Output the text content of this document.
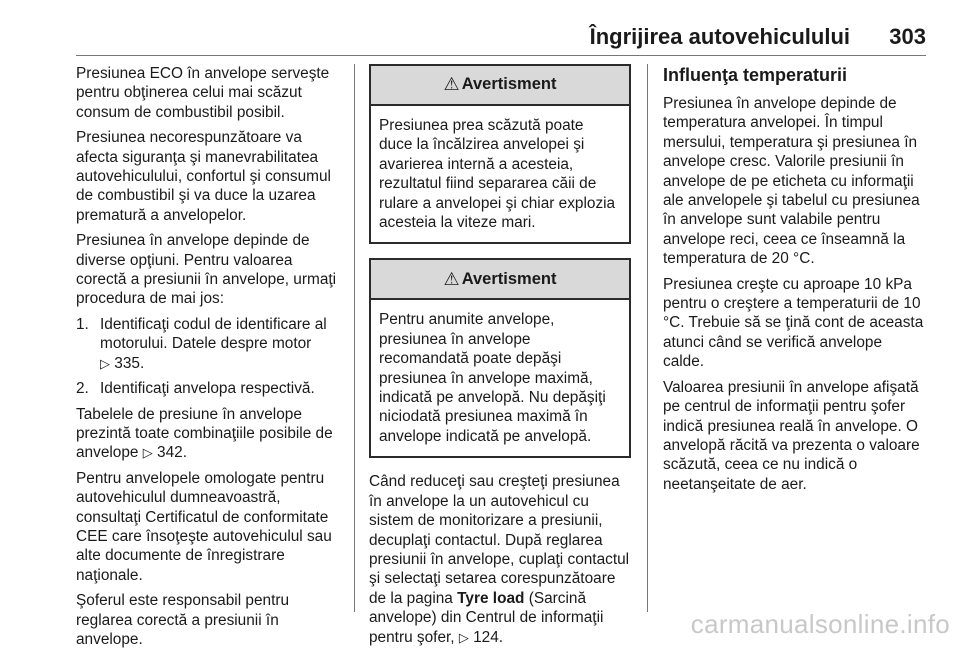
Îngrijirea autovehiculului 303

Presiunea ECO în anvelope serveşte pentru obţinerea celui mai scăzut consum de combustibil posibil.

Presiunea necorespunzătoare va afecta siguranţa şi manevrabilitatea autovehiculului, confortul şi consumul de combustibil şi va duce la uzarea prematură a anvelopelor.

Presiunea în anvelope depinde de diverse opţiuni. Pentru valoarea corectă a presiunii în anvelope, urmaţi procedura de mai jos:

1. Identificaţi codul de identificare al motorului. Datele despre motor
▷ 335.
2. Identificaţi anvelopa respectivă.

Tabelele de presiune în anvelope prezintă toate combinaţiile posibile de anvelope ▷ 342.

Pentru anvelopele omologate pentru autovehiculul dumneavoastră, consultaţi Certificatul de conformitate CEE care însoţeşte autovehiculul sau alte documente de înregistrare naţionale.

Şoferul este responsabil pentru reglarea corectă a presiunii în anvelope.

⚠ Avertisment
Presiunea prea scăzută poate duce la încălzirea anvelopei şi avarierea internă a acesteia, rezultatul fiind separarea căii de rulare a anvelopei şi chiar explozia acesteia la viteze mari.
⚠ Avertisment
Pentru anumite anvelope, presiunea în anvelope recomandată poate depăşi presiunea în anvelope maximă, indicată pe anvelopă. Nu depăşiţi niciodată presiunea maximă în anvelope indicată pe anvelopă.

Când reduceţi sau creşteţi presiunea în anvelope la un autovehicul cu sistem de monitorizare a presiunii, decuplaţi contactul. După reglarea presiunii în anvelope, cuplaţi contactul şi selectaţi setarea corespunzătoare de la pagina Tyre load (Sarcină anvelope) din Centrul de informaţii pentru şofer, ▷ 124.

Influenţa temperaturii

Presiunea în anvelope depinde de temperatura anvelopei. În timpul mersului, temperatura şi presiunea în anvelope cresc. Valorile presiunii în anvelope de pe eticheta cu informaţii ale anvelopele şi tabelul cu presiunea în anvelope sunt valabile pentru anvelope reci, ceea ce înseamnă la temperatura de 20 °C.

Presiunea creşte cu aproape 10 kPa pentru o creştere a temperaturii de 10 °C. Trebuie să se ţină cont de aceasta atunci când se verifică anvelope calde.

Valoarea presiunii în anvelope afişată pe centrul de informaţii pentru şofer indică presiunea reală în anvelope. O anvelopă răcită va prezenta o valoare scăzută, ceea ce nu indică o neetanşeitate de aer.

carmanualsonline.info
